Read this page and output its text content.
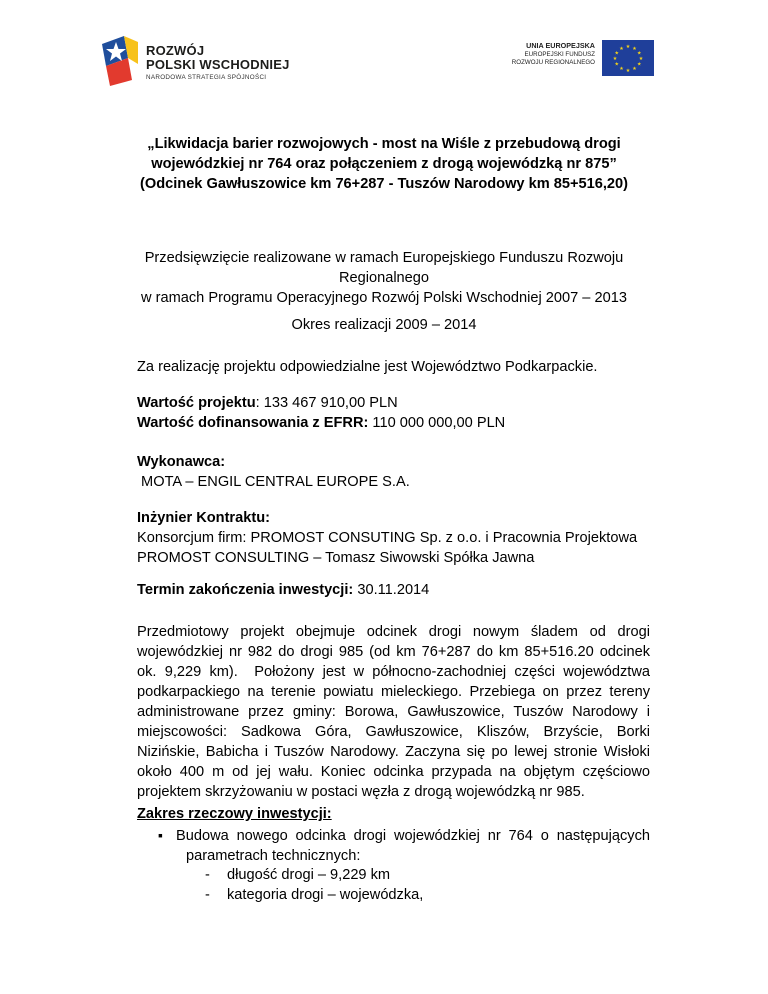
ROZWÓJ
POLSKI WSCHODNIEJ
NARODOWA STRATEGIA SPÓJNOŚCI
UNIA EUROPEJSKA
EUROPEJSKI FUNDUSZ
ROZWOJU REGIONALNEGO
★ ★
★
★
★
★
★
★
★
★
★
★
„Likwidacja barier rozwojowych - most na Wiśle z przebudową drogi
wojewódzkiej nr 764 oraz połączeniem z drogą wojewódzką nr 875”
(Odcinek Gawłuszowice km 76+287 - Tuszów Narodowy km 85+516,20)
Przedsięwzięcie realizowane w ramach Europejskiego Funduszu Rozwoju
Regionalnego
w ramach Programu Operacyjnego Rozwój Polski Wschodniej 2007 – 2013
Okres realizacji 2009 – 2014
Za realizację projektu odpowiedzialne jest Województwo Podkarpackie.
Wartość projektu: 133 467 910,00 PLN
Wartość dofinansowania z EFRR: 110 000 000,00 PLN
Wykonawca:
MOTA – ENGIL CENTRAL EUROPE S.A.
Inżynier Kontraktu:
Konsorcjum firm: PROMOST CONSUTING Sp. z o.o. i Pracownia Projektowa
PROMOST CONSULTING – Tomasz Siwowski Spółka Jawna
Termin zakończenia inwestycji: 30.11.2014
Przedmiotowy projekt obejmuje odcinek drogi nowym śladem od drogi
wojewódzkiej nr 982 do drogi 985 (od km 76+287 do km 85+516.20 odcinek
ok. 9,229 km).  Położony jest w północno-zachodniej części województwa
podkarpackiego na terenie powiatu mieleckiego. Przebiega on przez tereny
administrowane przez gminy: Borowa, Gawłuszowice, Tuszów Narodowy i
miejscowości: Sadkowa Góra, Gawłuszowice, Kliszów, Brzyście, Borki
Nizińskie, Babicha i Tuszów Narodowy. Zaczyna się po lewej stronie Wisłoki
około 400 m od jej wału. Koniec odcinka przypada na objętym częściowo
projektem skrzyżowaniu w postaci węzła z drogą wojewódzką nr 985.
Zakres rzeczowy inwestycji:
▪ Budowa nowego odcinka drogi wojewódzkiej nr 764 o następujących
parametrach technicznych:
- długość drogi – 9,229 km
- kategoria drogi – wojewódzka,
